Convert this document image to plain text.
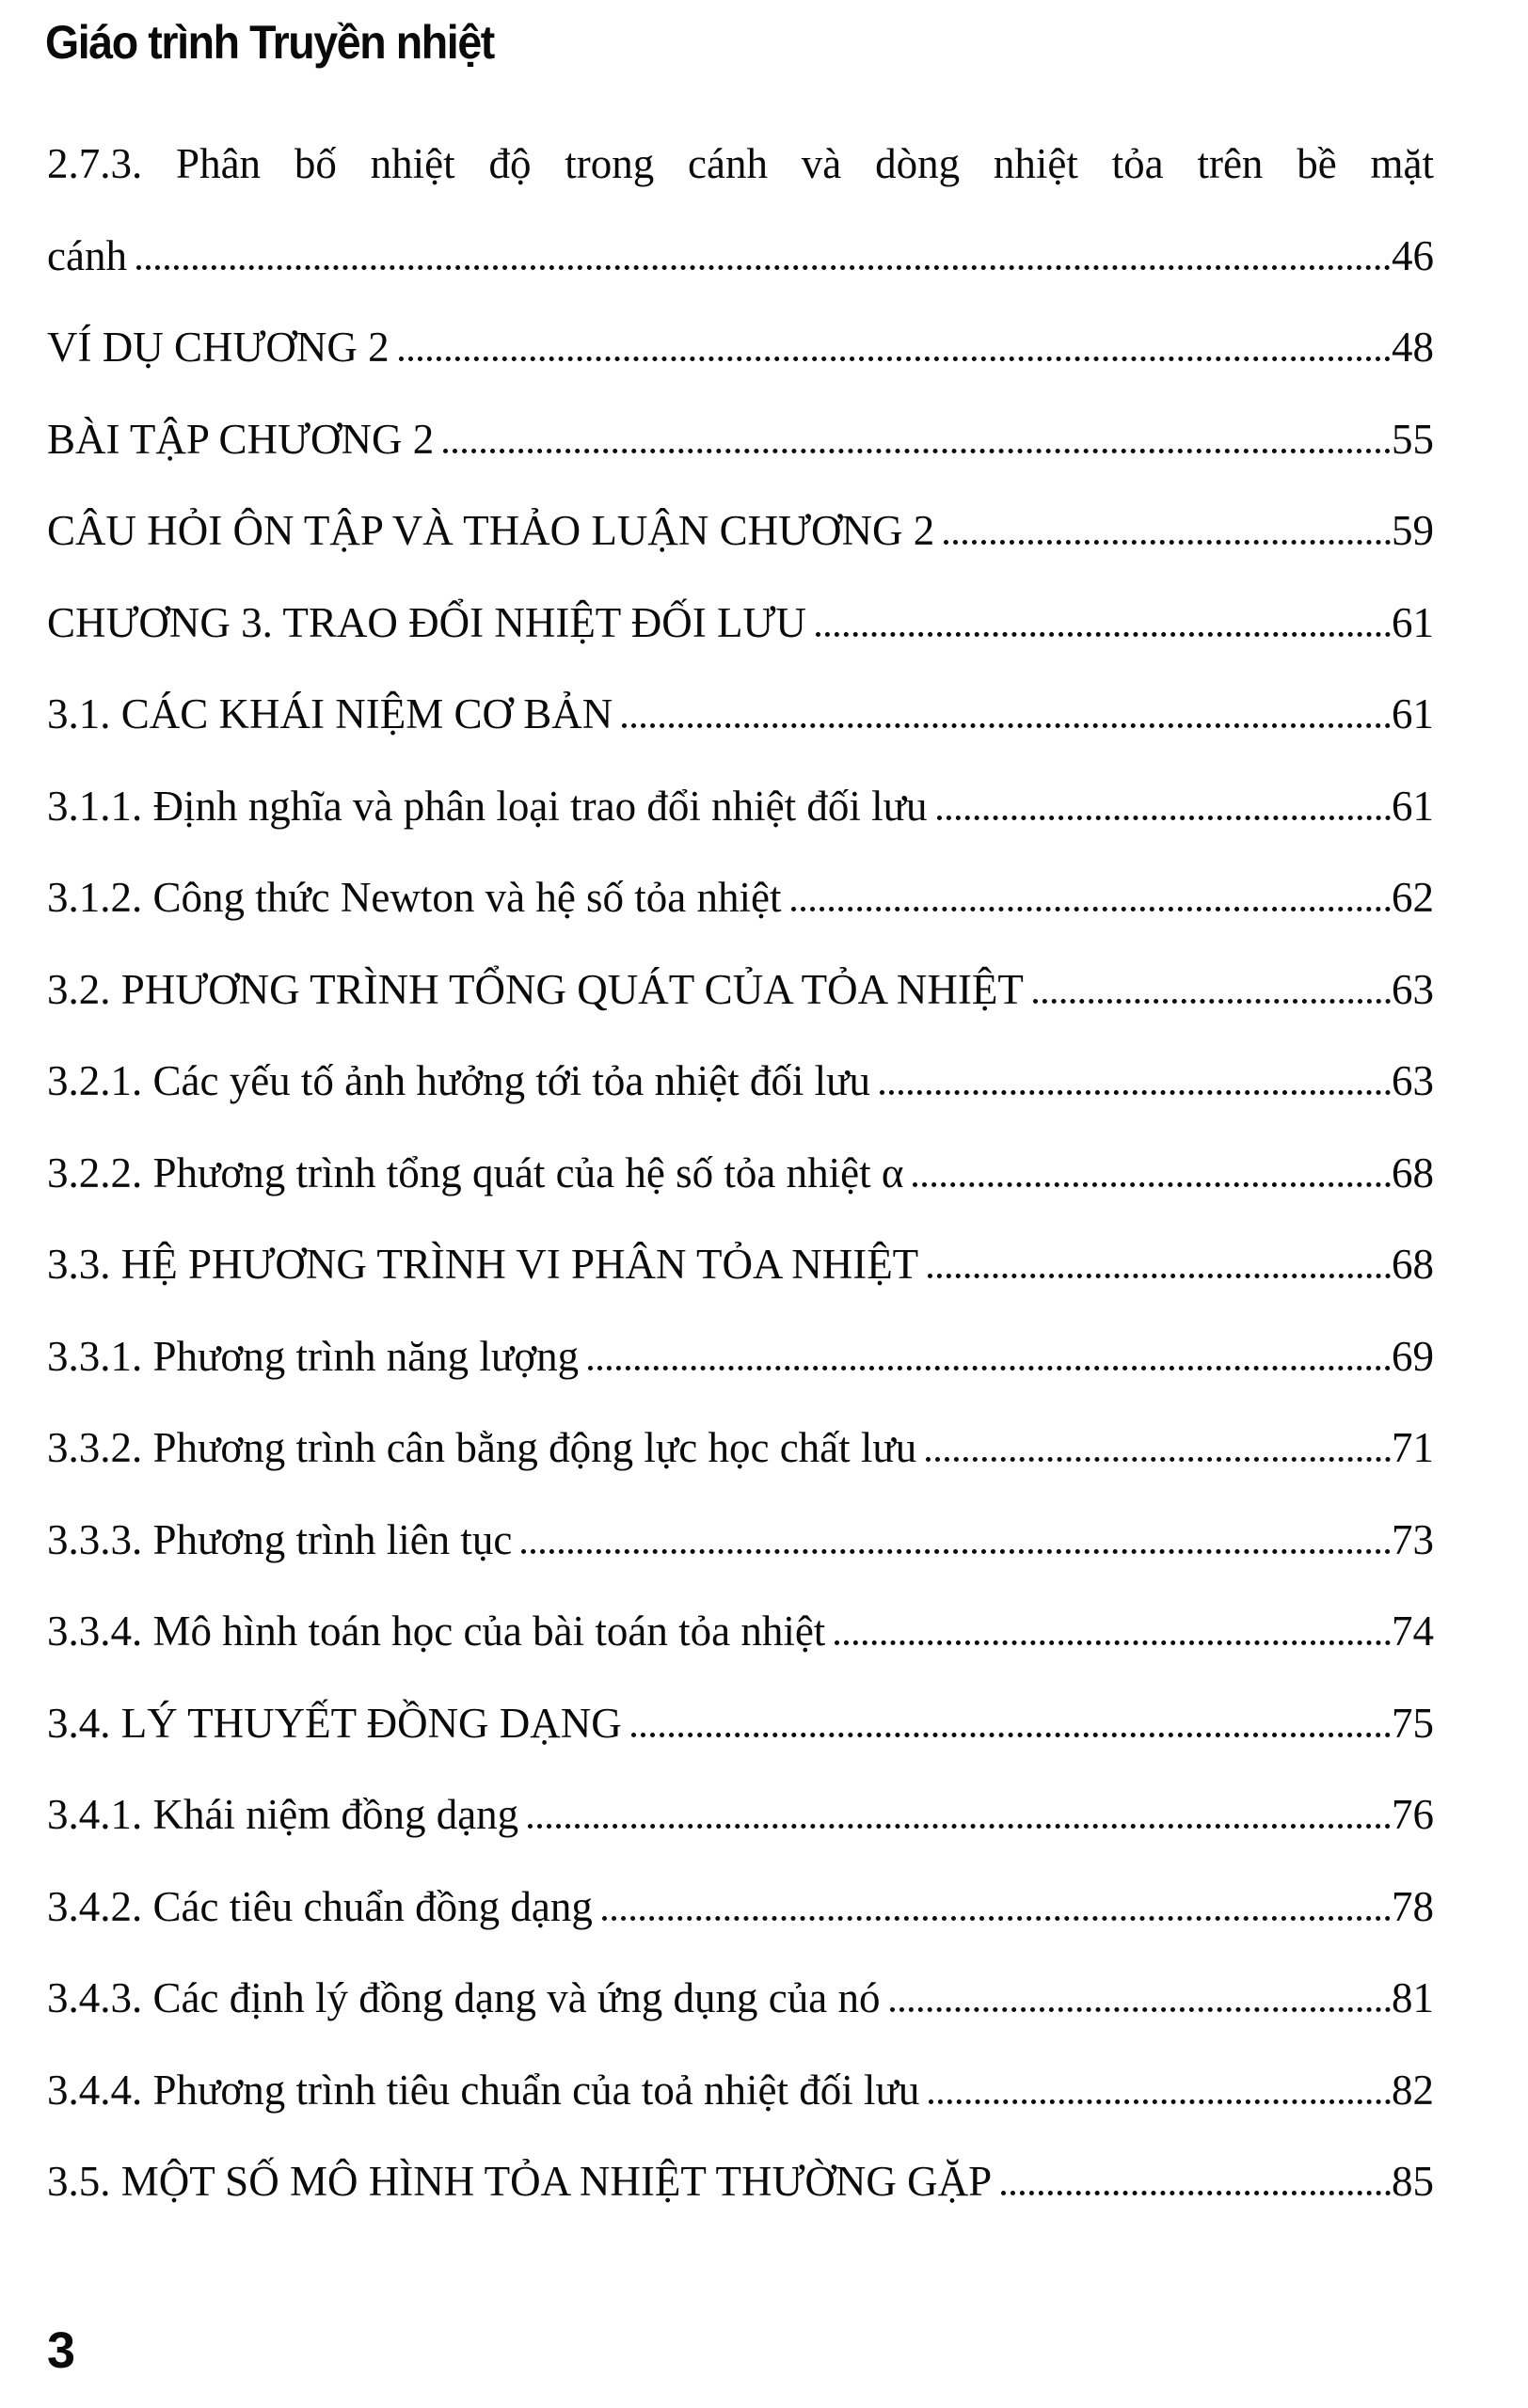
Giáo trình Truyền nhiệt
2.7.3. Phân bố nhiệt độ trong cánh và dòng nhiệt tỏa trên bề mặt
cánh	46
VÍ DỤ CHƯƠNG 2	48
BÀI TẬP CHƯƠNG 2	55
CÂU HỎI ÔN TẬP VÀ THẢO LUẬN CHƯƠNG 2	59
CHƯƠNG 3. TRAO ĐỔI NHIỆT ĐỐI LƯU	61
3.1. CÁC KHÁI NIỆM CƠ BẢN	61
3.1.1. Định nghĩa và phân loại trao đổi nhiệt đối lưu	61
3.1.2. Công thức Newton và hệ số tỏa nhiệt	62
3.2. PHƯƠNG TRÌNH TỔNG QUÁT CỦA TỎA NHIỆT	63
3.2.1. Các yếu tố ảnh hưởng tới tỏa nhiệt đối lưu	63
3.2.2. Phương trình tổng quát của hệ số tỏa nhiệt α	68
3.3. HỆ PHƯƠNG TRÌNH VI PHÂN TỎA NHIỆT	68
3.3.1. Phương trình năng lượng	69
3.3.2. Phương trình cân bằng động lực học chất lưu	71
3.3.3. Phương trình liên tục	73
3.3.4. Mô hình toán học của bài toán tỏa nhiệt	74
3.4. LÝ THUYẾT ĐỒNG DẠNG	75
3.4.1. Khái niệm đồng dạng	76
3.4.2. Các tiêu chuẩn đồng dạng	78
3.4.3. Các định lý đồng dạng và ứng dụng của nó	81
3.4.4. Phương trình tiêu chuẩn của toả nhiệt đối lưu	82
3.5. MỘT SỐ MÔ HÌNH TỎA NHIỆT THƯỜNG GẶP	85
3
